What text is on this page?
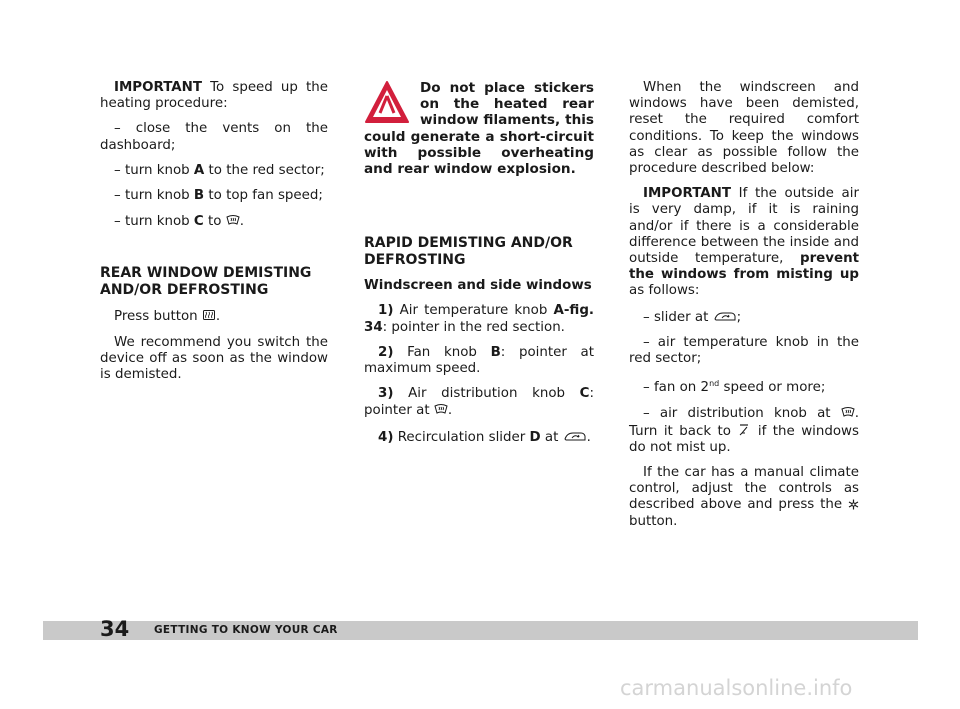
IMPORTANT To speed up the heating procedure:

– close the vents on the dashboard;

– turn knob A to the red sector;

– turn knob B to top fan speed;

– turn knob C to .

REAR WINDOW DEMISTING AND/OR DEFROSTING

Press button .

We recommend you switch the device off as soon as the window is demisted.

Do not place stickers on the heated rear window filaments, this could generate a short-circuit with possible overheating and rear window explosion.

RAPID DEMISTING AND/OR DEFROSTING

Windscreen and side windows

1) Air temperature knob A-fig. 34: pointer in the red section.

2) Fan knob B: pointer at maximum speed.

3) Air distribution knob C: pointer at .

4) Recirculation slider D at .

When the windscreen and windows have been demisted, reset the required comfort conditions. To keep the windows as clear as possible follow the procedure described below:

IMPORTANT If the outside air is very damp, if it is raining and/or if there is a considerable difference between the inside and outside temperature, prevent the windows from misting up as follows:

– slider at ;

– air temperature knob in the red sector;

– fan on 2nd speed or more;

– air distribution knob at . Turn it back to  if the windows do not mist up.

If the car has a manual climate control, adjust the controls as described above and press the  button.

34 GETTING TO KNOW YOUR CAR
carmanualsonline.info
